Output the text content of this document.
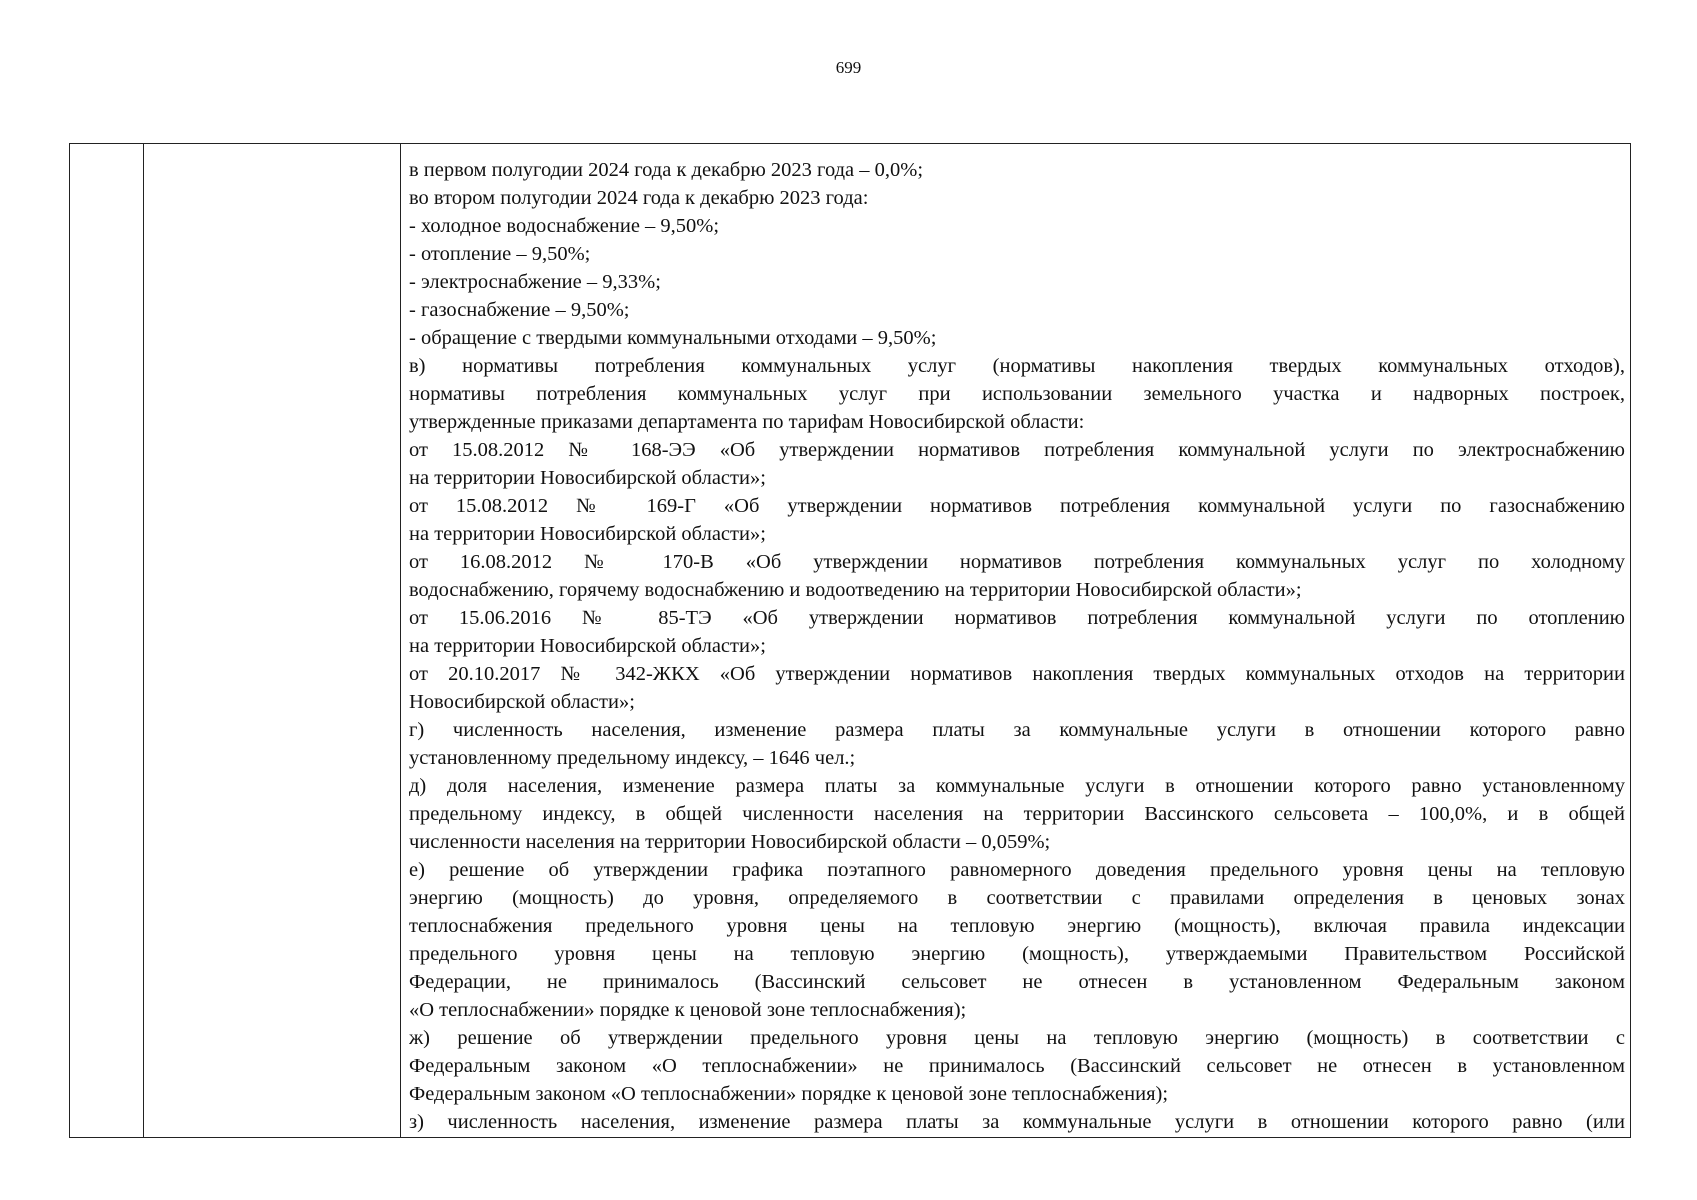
699
в первом полугодии 2024 года к декабрю 2023 года – 0,0%;
во втором полугодии 2024 года к декабрю 2023 года:
- холодное водоснабжение – 9,50%;
- отопление – 9,50%;
- электроснабжение – 9,33%;
- газоснабжение – 9,50%;
- обращение с твердыми коммунальными отходами – 9,50%;
в) нормативы потребления коммунальных услуг (нормативы накопления твердых коммунальных отходов),
нормативы потребления коммунальных услуг при использовании земельного участка и надворных построек,
утвержденные приказами департамента по тарифам Новосибирской области:
от 15.08.2012 № 168-ЭЭ «Об утверждении нормативов потребления коммунальной услуги по электроснабжению
на территории Новосибирской области»;
от 15.08.2012 № 169-Г «Об утверждении нормативов потребления коммунальной услуги по газоснабжению
на территории Новосибирской области»;
от 16.08.2012 № 170-В «Об утверждении нормативов потребления коммунальных услуг по холодному
водоснабжению, горячему водоснабжению и водоотведению на территории Новосибирской области»;
от 15.06.2016 № 85-ТЭ «Об утверждении нормативов потребления коммунальной услуги по отоплению
на территории Новосибирской области»;
от 20.10.2017 № 342-ЖКХ «Об утверждении нормативов накопления твердых коммунальных отходов на территории
Новосибирской области»;
г) численность населения, изменение размера платы за коммунальные услуги в отношении которого равно
установленному предельному индексу, – 1646 чел.;
д) доля населения, изменение размера платы за коммунальные услуги в отношении которого равно установленному
предельному индексу, в общей численности населения на территории Вассинского сельсовета – 100,0%, и в общей
численности населения на территории Новосибирской области – 0,059%;
е) решение об утверждении графика поэтапного равномерного доведения предельного уровня цены на тепловую
энергию (мощность) до уровня, определяемого в соответствии с правилами определения в ценовых зонах
теплоснабжения предельного уровня цены на тепловую энергию (мощность), включая правила индексации
предельного уровня цены на тепловую энергию (мощность), утверждаемыми Правительством Российской
Федерации, не принималось (Вассинский сельсовет не отнесен в установленном Федеральным законом
«О теплоснабжении» порядке к ценовой зоне теплоснабжения);
ж) решение об утверждении предельного уровня цены на тепловую энергию (мощность) в соответствии с
Федеральным законом «О теплоснабжении» не принималось (Вассинский сельсовет не отнесен в установленном
Федеральным законом «О теплоснабжении» порядке к ценовой зоне теплоснабжения);
з) численность населения, изменение размера платы за коммунальные услуги в отношении которого равно (или
